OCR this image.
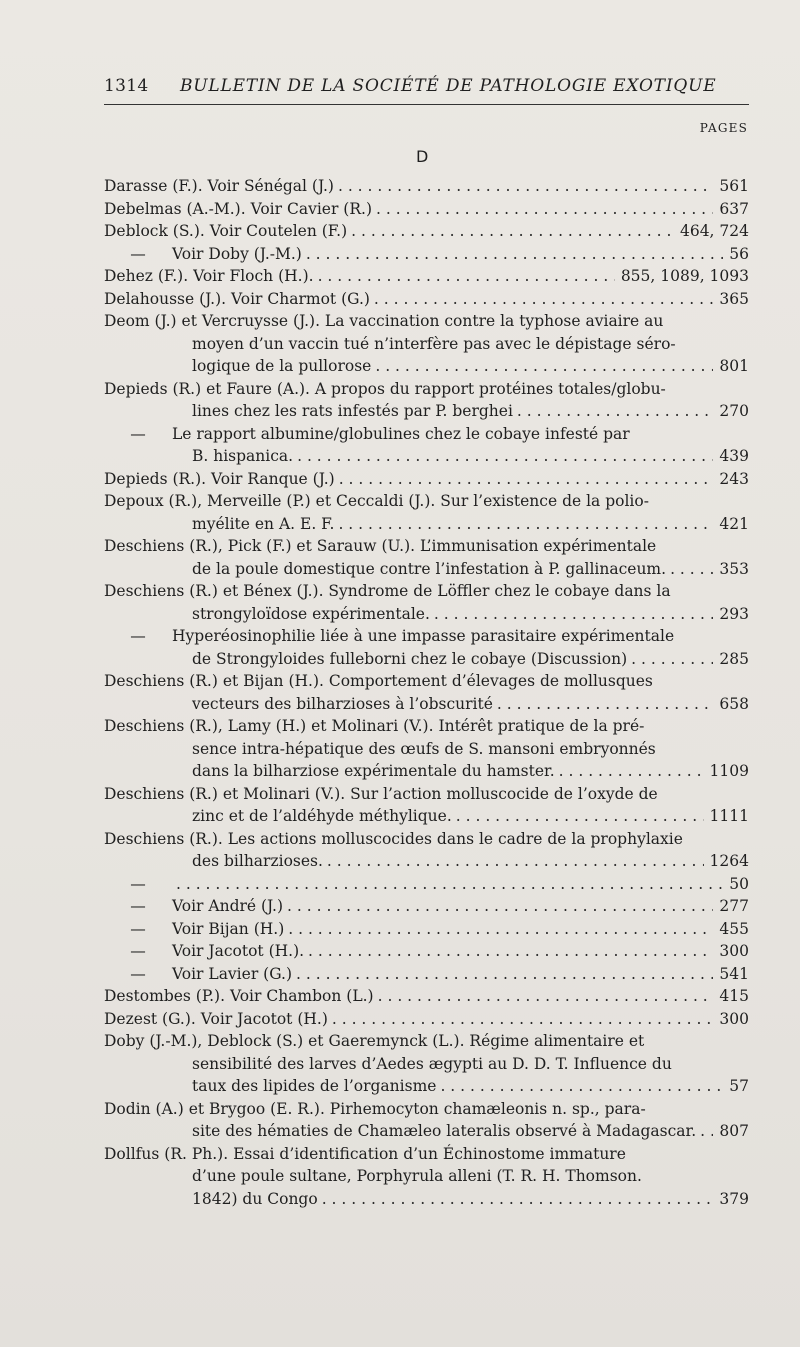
1314 BULLETIN DE LA SOCIÉTÉ DE PATHOLOGIE EXOTIQUE
PAGES
D
Darasse (F.). Voir Sénégal (J.) . . .	561
Debelmas (A.-M.). Voir Cavier (R.) . . .	637
Deblock (S.). Voir Coutelen (F.) . . .	464, 724
— Voir Doby (J.-M.) . . .	56
Dehez (F.). Voir Floch (H.). . . .	855, 1089, 1093
Delahousse (J.). Voir Charmot (G.) . . .	365
Deom (J.) et Vercruysse (J.). La vaccination contre la typhose aviaire au
moyen d’un vaccin tué n’interfère pas avec le dépistage séro-
logique de la pullorose . . .	801
Depieds (R.) et Faure (A.). A propos du rapport protéines totales/globu-
lines chez les rats infestés par P. berghei . . .	270
— Le rapport albumine/globulines chez le cobaye infesté par
B. hispanica. . . .	439
Depieds (R.). Voir Ranque (J.) . . .	243
Depoux (R.), Merveille (P.) et Ceccaldi (J.). Sur l’existence de la polio-
myélite en A. E. F. . . .	421
Deschiens (R.), Pick (F.) et Sarauw (U.). L’immunisation expérimentale
de la poule domestique contre l’infestation à P. gallinaceum. . . .	353
Deschiens (R.) et Bénex (J.). Syndrome de Löffler chez le cobaye dans la
strongyloïdose expérimentale. . . .	293
— Hyperéosinophilie liée à une impasse parasitaire expérimentale
de Strongyloides fulleborni chez le cobaye (Discussion) . . .	285
Deschiens (R.) et Bijan (H.). Comportement d’élevages de mollusques
vecteurs des bilharzioses à l’obscurité . . .	658
Deschiens (R.), Lamy (H.) et Molinari (V.). Intérêt pratique de la pré-
sence intra-hépatique des œufs de S. mansoni embryonnés
dans la bilharziose expérimentale du hamster. . . .	1109
Deschiens (R.) et Molinari (V.). Sur l’action molluscocide de l’oxyde de
zinc et de l’aldéhyde méthylique. . . .	1111
Deschiens (R.). Les actions molluscocides dans le cadre de la prophylaxie
des bilharzioses. . . .	1264
— . . .	50
— Voir André (J.) . . .	277
— Voir Bijan (H.) . . .	455
— Voir Jacotot (H.). . . .	300
— Voir Lavier (G.) . . .	541
Destombes (P.). Voir Chambon (L.) . . .	415
Dezest (G.). Voir Jacotot (H.) . . .	300
Doby (J.-M.), Deblock (S.) et Gaeremynck (L.). Régime alimentaire et
sensibilité des larves d’Aedes ægypti au D. D. T. Influence du
taux des lipides de l’organisme . . .	57
Dodin (A.) et Brygoo (E. R.). Pirhemocyton chamæleonis n. sp., para-
site des hématies de Chamæleo lateralis observé à Madagascar. . . .	807
Dollfus (R. Ph.). Essai d’identification d’un Échinostome immature
d’une poule sultane, Porphyrula alleni (T. R. H. Thomson.
1842) du Congo . . .	379
